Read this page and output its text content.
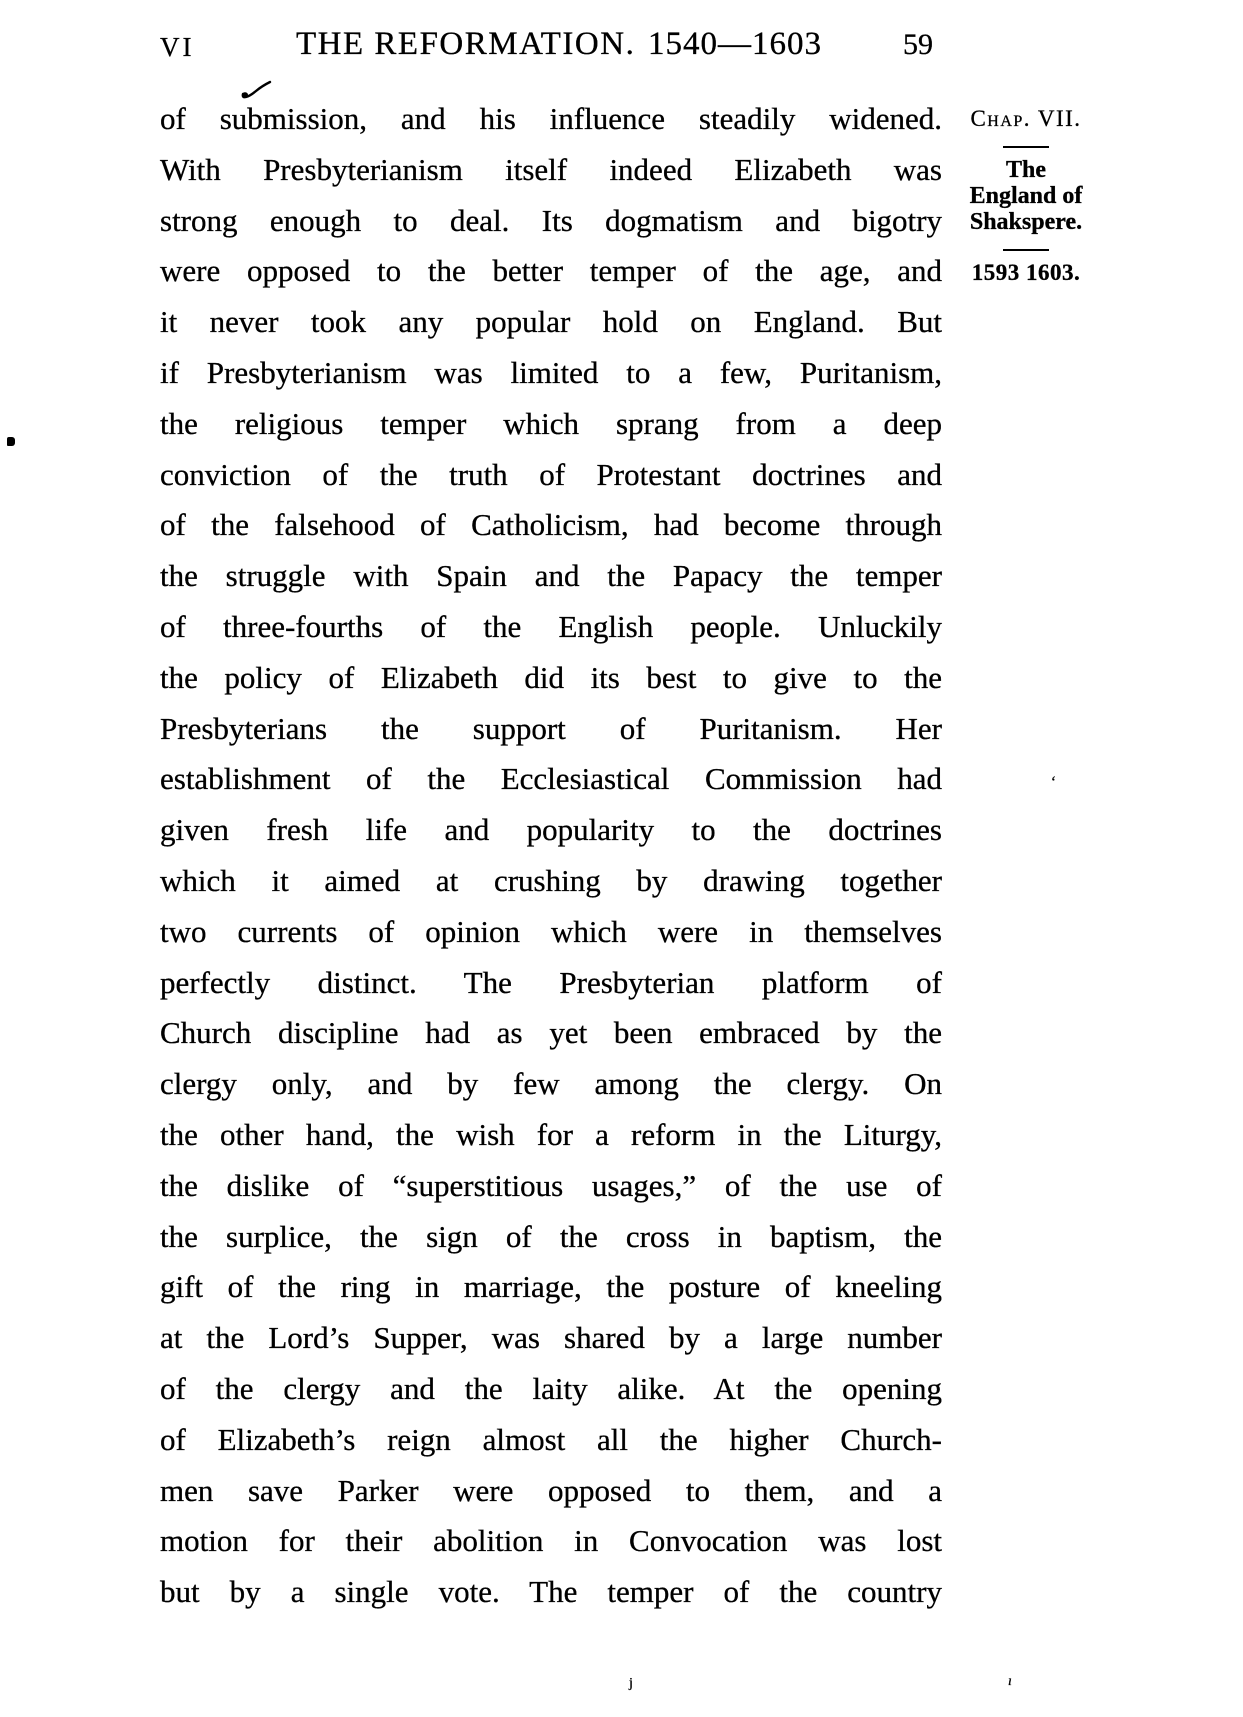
VI	THE REFORMATION. 1540—1603	59
of submission, and his influence steadily widened.
With Presbyterianism itself indeed Elizabeth was
strong enough to deal. Its dogmatism and bigotry
were opposed to the better temper of the age, and
it never took any popular hold on England. But
if Presbyterianism was limited to a few, Puritanism,
the religious temper which sprang from a deep
conviction of the truth of Protestant doctrines and
of the falsehood of Catholicism, had become through
the struggle with Spain and the Papacy the temper
of three-fourths of the English people. Unluckily
the policy of Elizabeth did its best to give to the
Presbyterians the support of Puritanism. Her
establishment of the Ecclesiastical Commission had
given fresh life and popularity to the doctrines
which it aimed at crushing by drawing together
two currents of opinion which were in themselves
perfectly distinct. The Presbyterian platform of
Church discipline had as yet been embraced by the
clergy only, and by few among the clergy. On
the other hand, the wish for a reform in the Liturgy,
the dislike of “superstitious usages,” of the use of
the surplice, the sign of the cross in baptism, the
gift of the ring in marriage, the posture of kneeling
at the Lord’s Supper, was shared by a large number
of the clergy and the laity alike. At the opening
of Elizabeth’s reign almost all the higher Church-
men save Parker were opposed to them, and a
motion for their abolition in Convocation was lost
but by a single vote. The temper of the country
Chap. VII.
The
England of
Shakspere.
1593 1603.
‘
j	ı
